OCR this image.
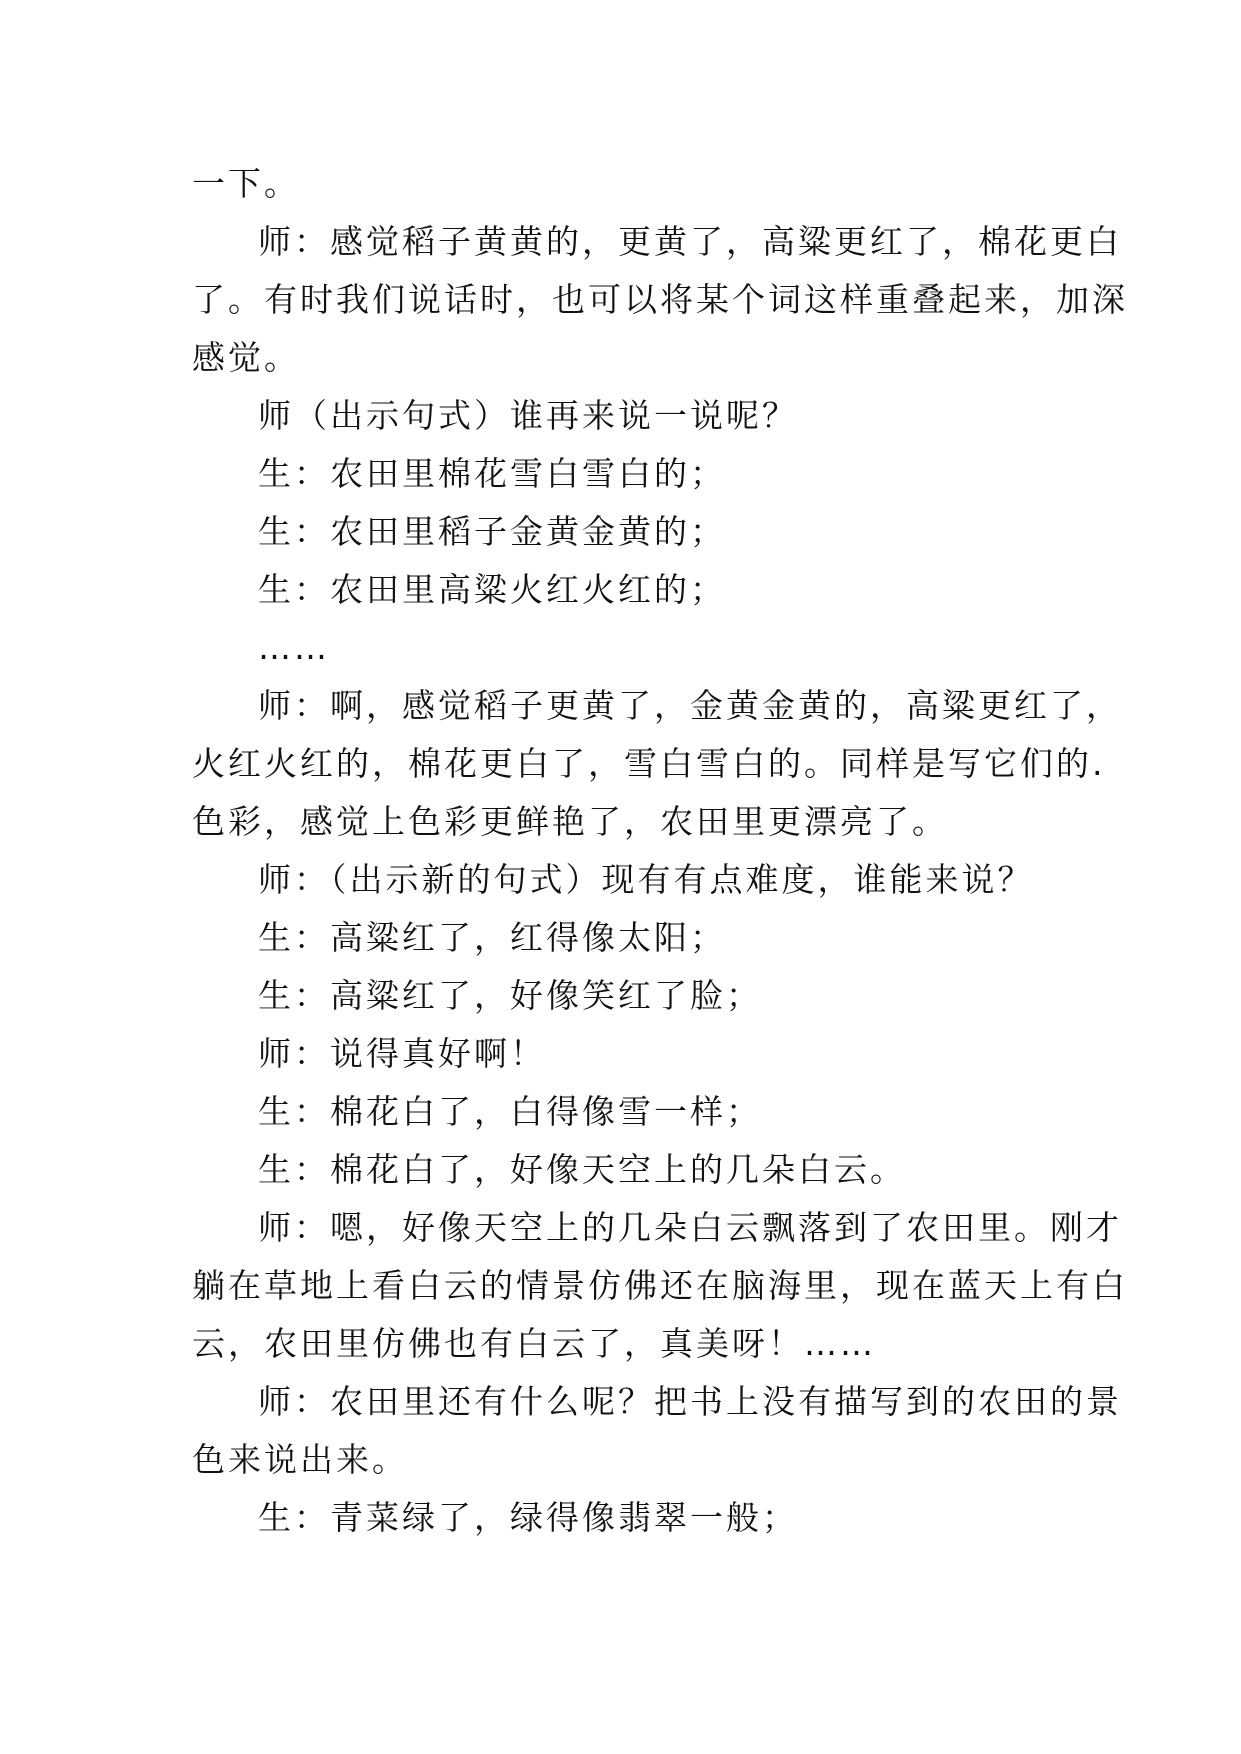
一下。

师：感觉稻子黄黄的，更黄了，高粱更红了，棉花更白

了。有时我们说话时，也可以将某个词这样重叠起来，加深

感觉。

师（出示句式）谁再来说一说呢？

生：农田里棉花雪白雪白的；

生：农田里稻子金黄金黄的；

生：农田里高粱火红火红的；

……

师：啊，感觉稻子更黄了，金黄金黄的，高粱更红了，

火红火红的，棉花更白了，雪白雪白的。同样是写它们的.

色彩，感觉上色彩更鲜艳了，农田里更漂亮了。

师：（出示新的句式）现有有点难度，谁能来说？

生：高粱红了，红得像太阳；

生：高粱红了，好像笑红了脸；

师：说得真好啊！

生：棉花白了，白得像雪一样；

生：棉花白了，好像天空上的几朵白云。

师：嗯，好像天空上的几朵白云飘落到了农田里。刚才

躺在草地上看白云的情景仿佛还在脑海里，现在蓝天上有白

云，农田里仿佛也有白云了，真美呀！……

师：农田里还有什么呢？把书上没有描写到的农田的景

色来说出来。

生：青菜绿了，绿得像翡翠一般；
